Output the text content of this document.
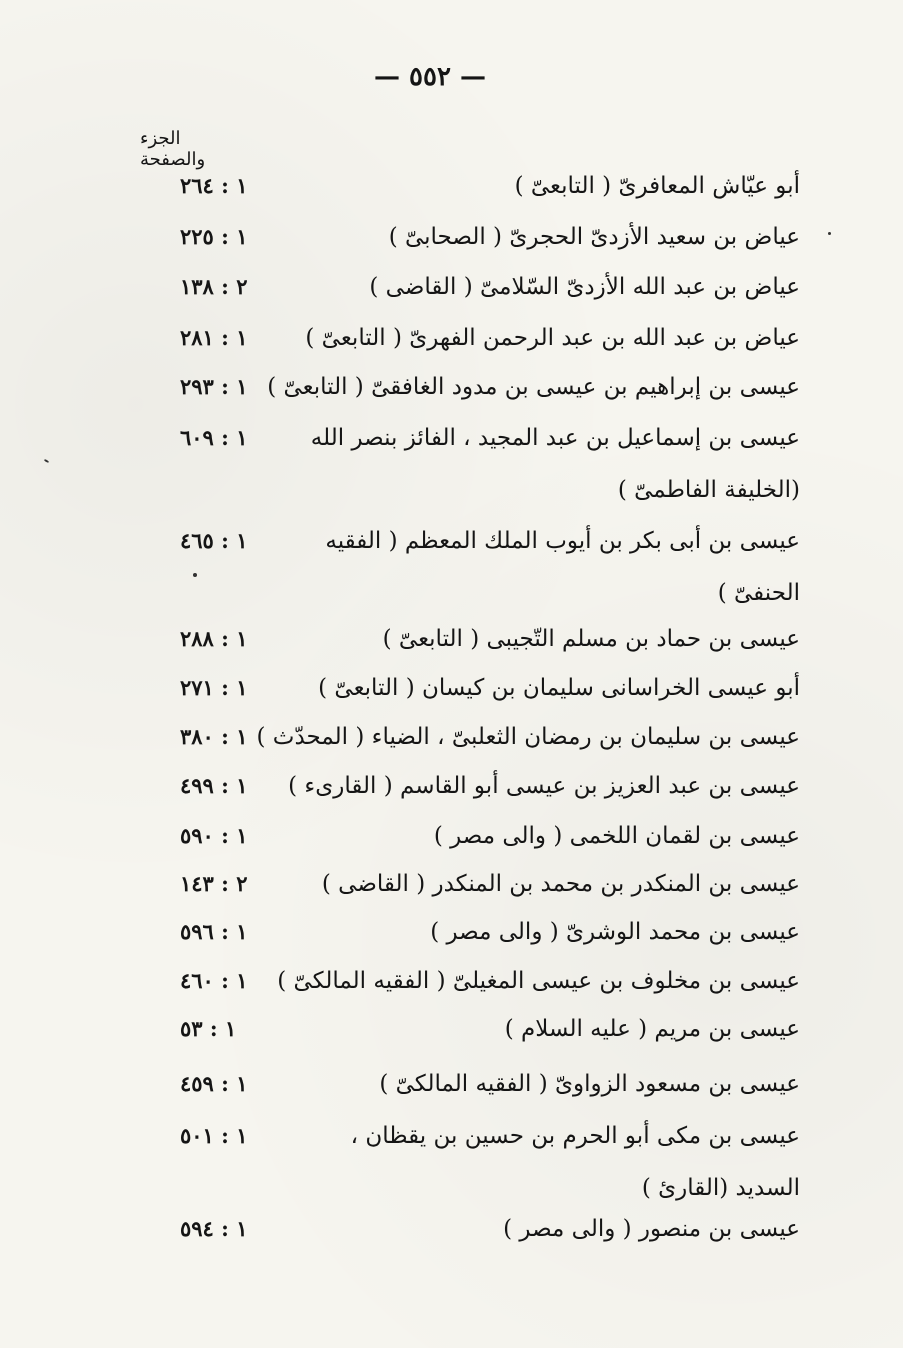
— ٥٥٢ —
الجزء والصفحة
أبو عيّاش المعافرىّ ( التابعىّ )
١ : ٢٦٤
عياض بن سعيد الأزدىّ الحجرىّ ( الصحابىّ )
١ : ٢٢٥
عياض بن عبد الله الأزدىّ السّلامىّ ( القاضى )
٢ : ١٣٨
عياض بن عبد الله بن عبد الرحمن الفهرىّ ( التابعىّ )
١ : ٢٨١
عيسى بن إبراهيم بن عيسى بن مدود الغافقىّ ( التابعىّ )
١ : ٢٩٣
عيسى بن إسماعيل بن عبد المجيد ، الفائز بنصر الله (الخليفة الفاطمىّ )
١ : ٦٠٩
عيسى بن أبى بكر بن أيوب الملك المعظم ( الفقيه الحنفىّ )
١ : ٤٦٥
عيسى بن حماد بن مسلم التّجيبى ( التابعىّ )
١ : ٢٨٨
أبو عيسى الخراسانى سليمان بن كيسان ( التابعىّ )
١ : ٢٧١
عيسى بن سليمان بن رمضان الثعلبىّ ، الضياء ( المحدّث )
١ : ٣٨٠
عيسى بن عبد العزيز بن عيسى أبو القاسم ( القارىء )
١ : ٤٩٩
عيسى بن لقمان اللخمى ( والى مصر )
١ : ٥٩٠
عيسى بن المنكدر بن محمد بن المنكدر ( القاضى )
٢ : ١٤٣
عيسى بن محمد الوشرىّ ( والى مصر )
١ : ٥٩٦
عيسى بن مخلوف بن عيسى المغيلىّ ( الفقيه المالكىّ )
١ : ٤٦٠
عيسى بن مريم ( عليه السلام )
١ : ٥٣
عيسى بن مسعود الزواوىّ ( الفقيه المالكىّ )
١ : ٤٥٩
عيسى بن مكى أبو الحرم بن حسين بن يقظان ، السديد (القارئ )
١ : ٥٠١
عيسى بن منصور ( والى مصر )
١ : ٥٩٤
